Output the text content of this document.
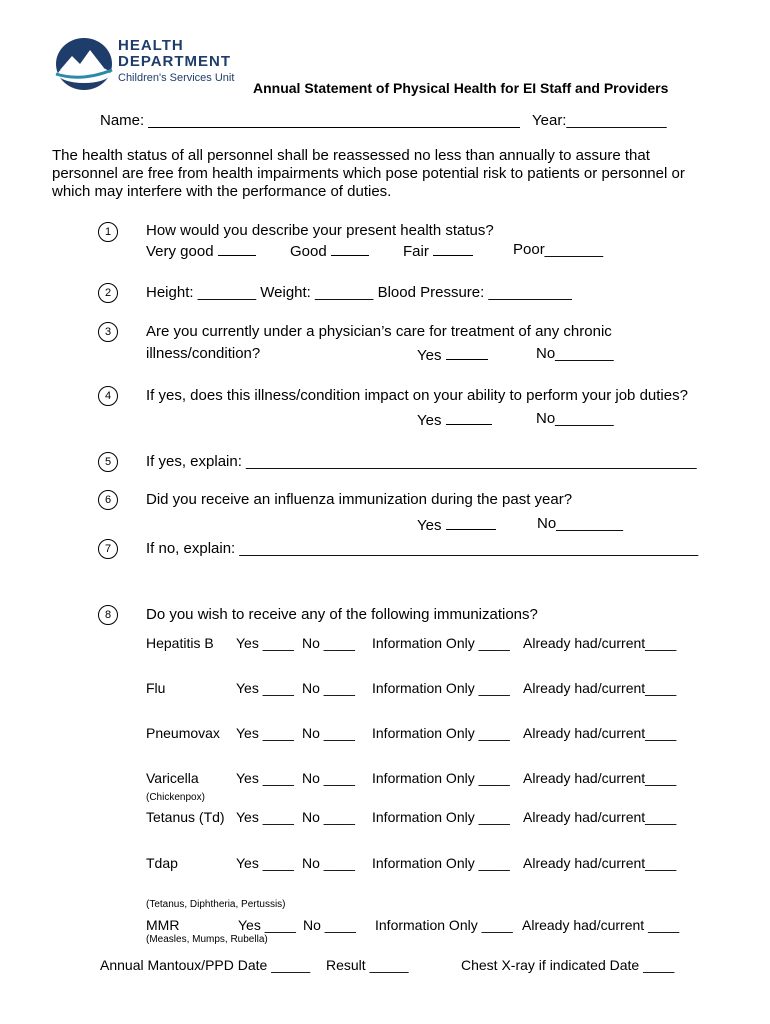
HEALTH
DEPARTMENT
Children's Services Unit
Annual Statement of Physical Health for EI Staff and Providers
Name:	Year:____________
The health status of all personnel shall be reassessed no less than annually to assure that
personnel are free from health impairments which pose potential risk to patients or personnel or
which may interfere with the performance of duties.
1	How would you describe your present health status?
Very good	Good	Fair	Poor_______
2	Height: _______ Weight: _______ Blood Pressure: __________
3	Are you currently under a physician’s care for treatment of any chronic
illness/condition?	Yes	No_______
4	If yes, does this illness/condition impact on your ability to perform your job duties?
Yes	No_______
5	If yes, explain: ______________________________________________________
6	Did you receive an influenza immunization during the past year?
Yes	No________
7	If no, explain: _______________________________________________________
8	Do you wish to receive any of the following immunizations?
Hepatitis B Yes ____ No ____ Information Only ____ Already had/current____
Flu	Yes ____ No ____ Information Only ____ Already had/current____
Pneumovax Yes ____ No ____ Information Only ____ Already had/current____
Varicella	Yes ____ No ____ Information Only ____ Already had/current____
(Chickenpox)
Tetanus (Td) Yes ____ No ____ Information Only ____ Already had/current____
Tdap	Yes ____ No ____ Information Only ____ Already had/current____
(Tetanus, Diphtheria, Pertussis)
MMR	Yes ____ No ____ Information Only ____ Already had/current ____
(Measles, Mumps, Rubella)
Annual Mantoux/PPD Date _____ Result _____	Chest X-ray if indicated Date ____
